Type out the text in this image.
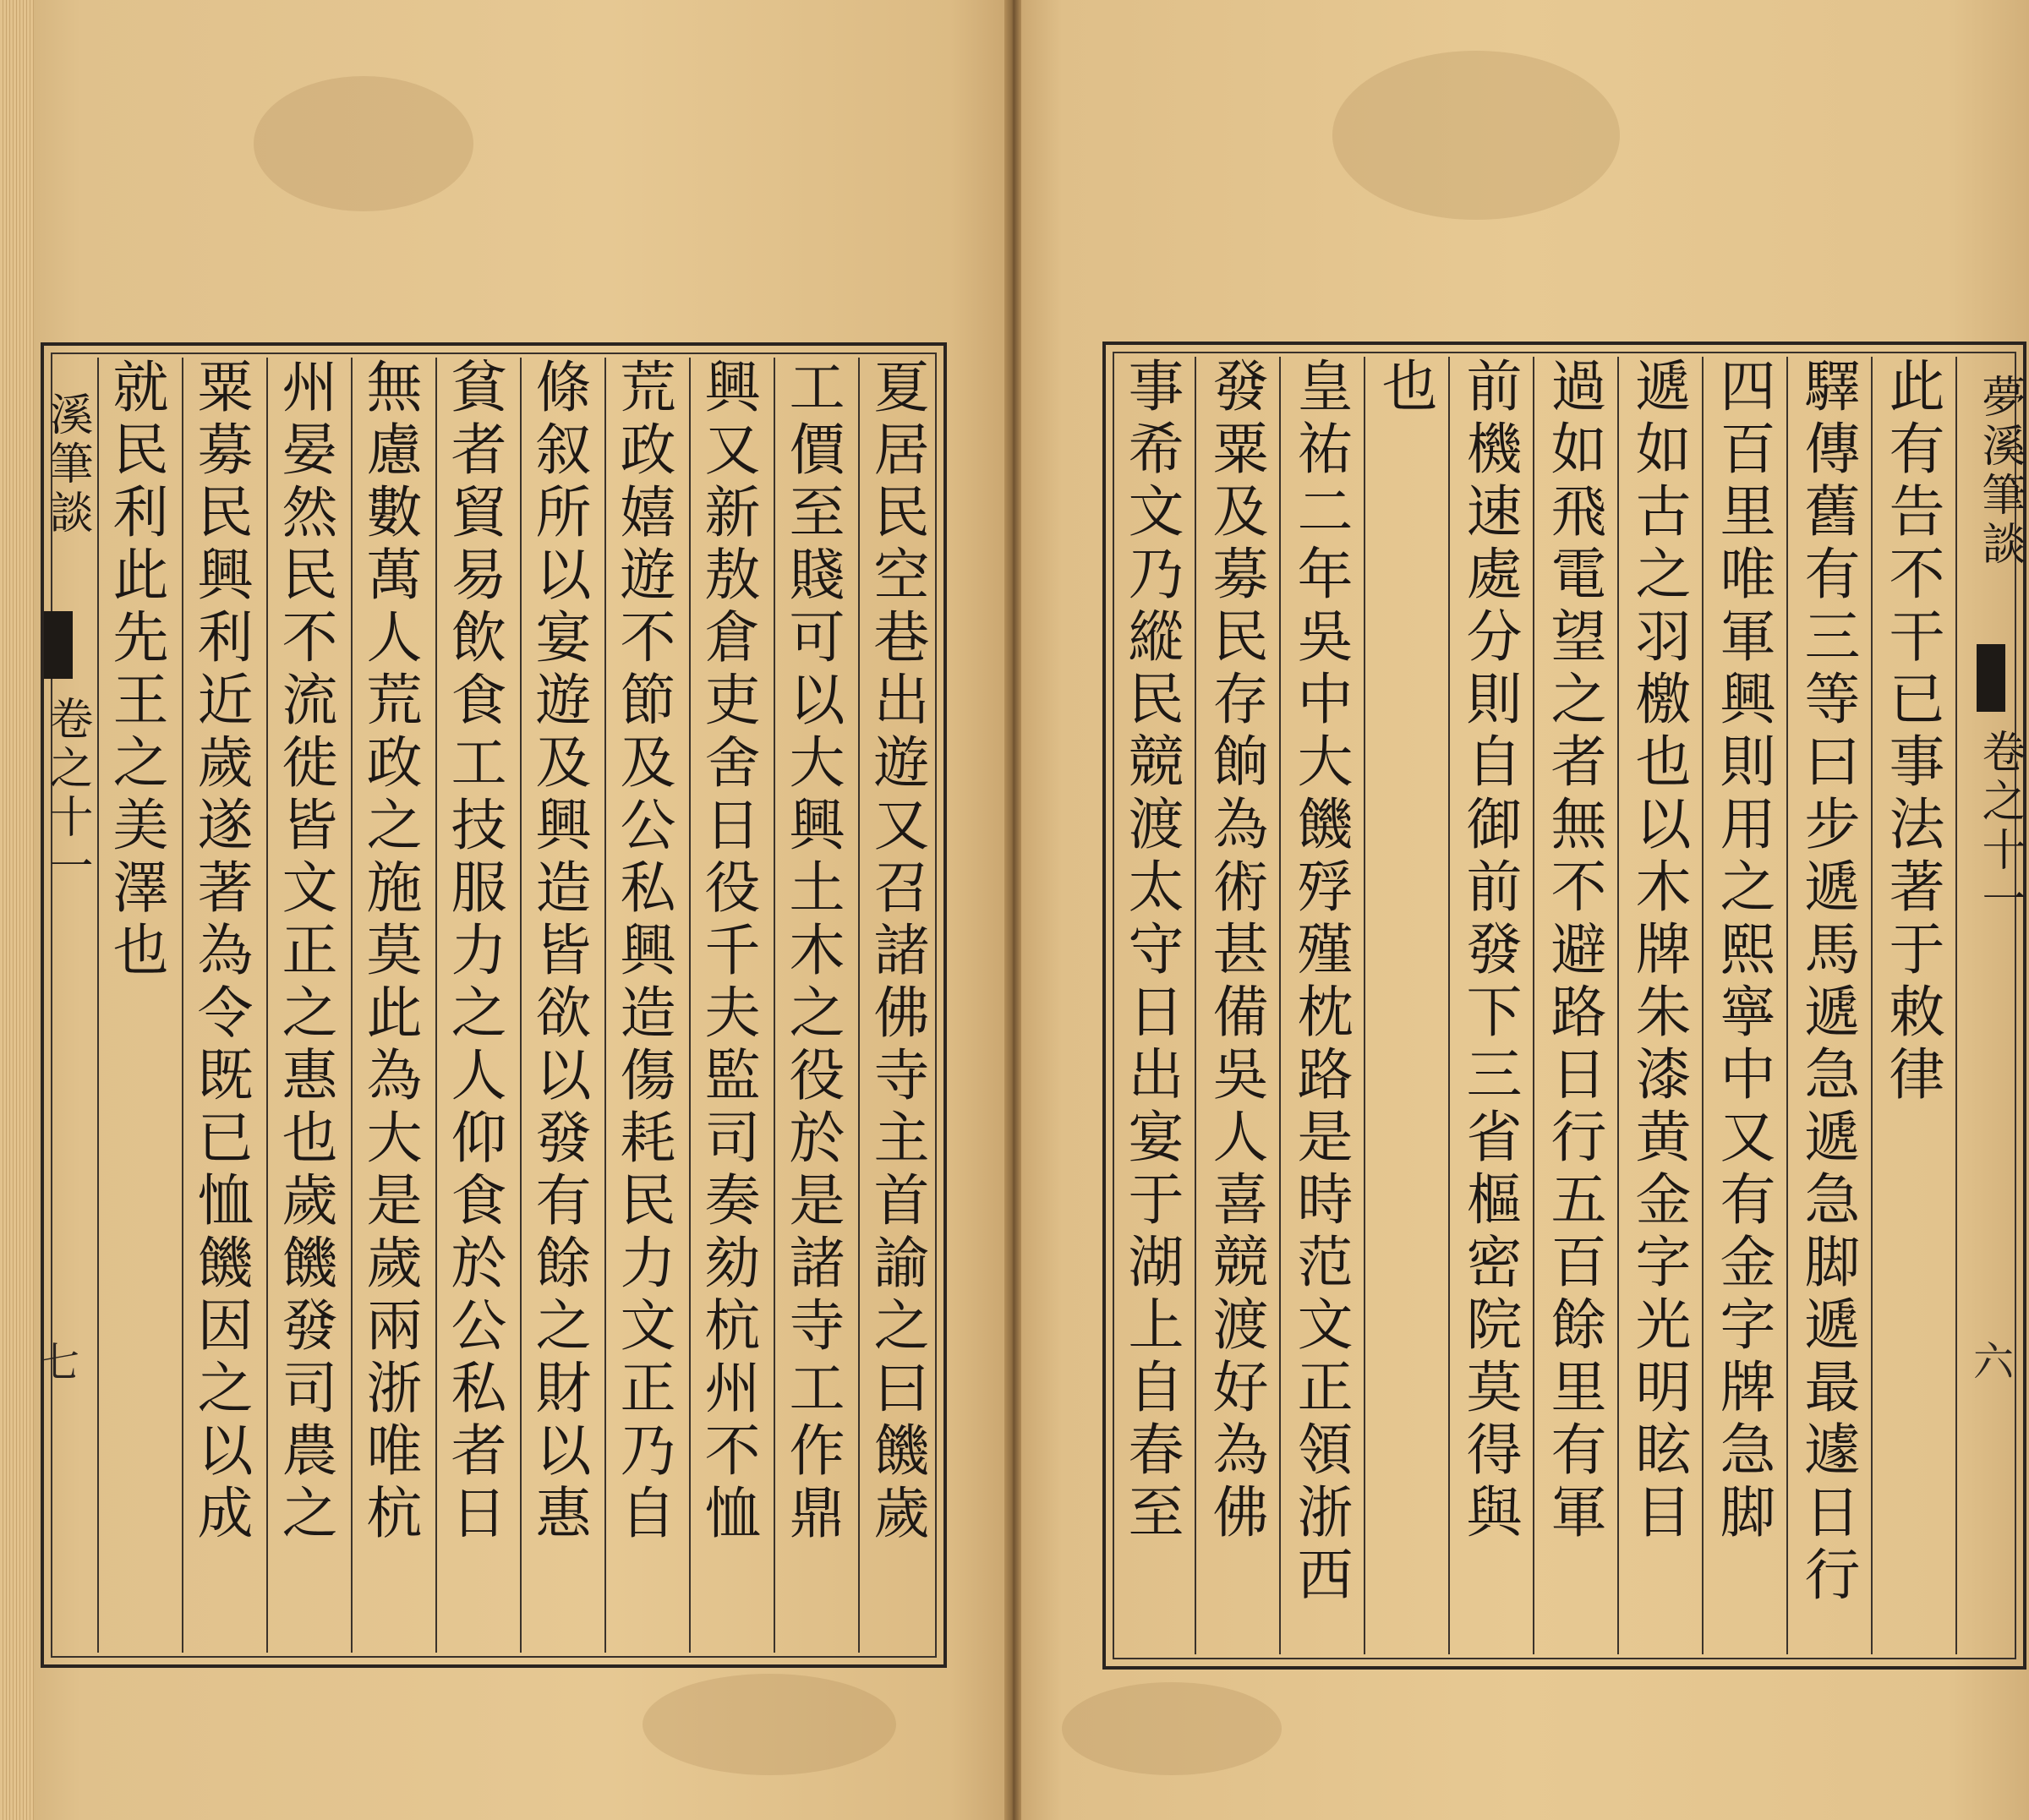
夏居民空巷出遊又召諸佛寺主首諭之曰饑歲
工價至賤可以大興土木之役於是諸寺工作鼎
興又新敖倉吏舍日役千夫監司奏劾杭州不恤
荒政嬉遊不節及公私興造傷耗民力文正乃自
條叙所以宴遊及興造皆欲以發有餘之財以惠
貧者貿易飲食工技服力之人仰食於公私者日
無慮數萬人荒政之施莫此為大是歲兩浙唯杭
州晏然民不流徙皆文正之惠也歲饑發司農之
粟募民興利近歲遂著為令既已恤饑因之以成
就民利此先王之美澤也
溪筆談
卷之十一
七
夢溪筆談
卷之十一
六
此有告不干已事法著于敕律
驛傳舊有三等曰步遞馬遞急遞急脚遞最遽日行
四百里唯軍興則用之熙寧中又有金字牌急脚
遞如古之羽檄也以木牌朱漆黄金字光明眩目
過如飛電望之者無不避路日行五百餘里有軍
前機速處分則自御前發下三省樞密院莫得與
也
皇祐二年吳中大饑殍殣枕路是時范文正領浙西
發粟及募民存餉為術甚備吳人喜競渡好為佛
事希文乃縱民競渡太守日出宴于湖上自春至
